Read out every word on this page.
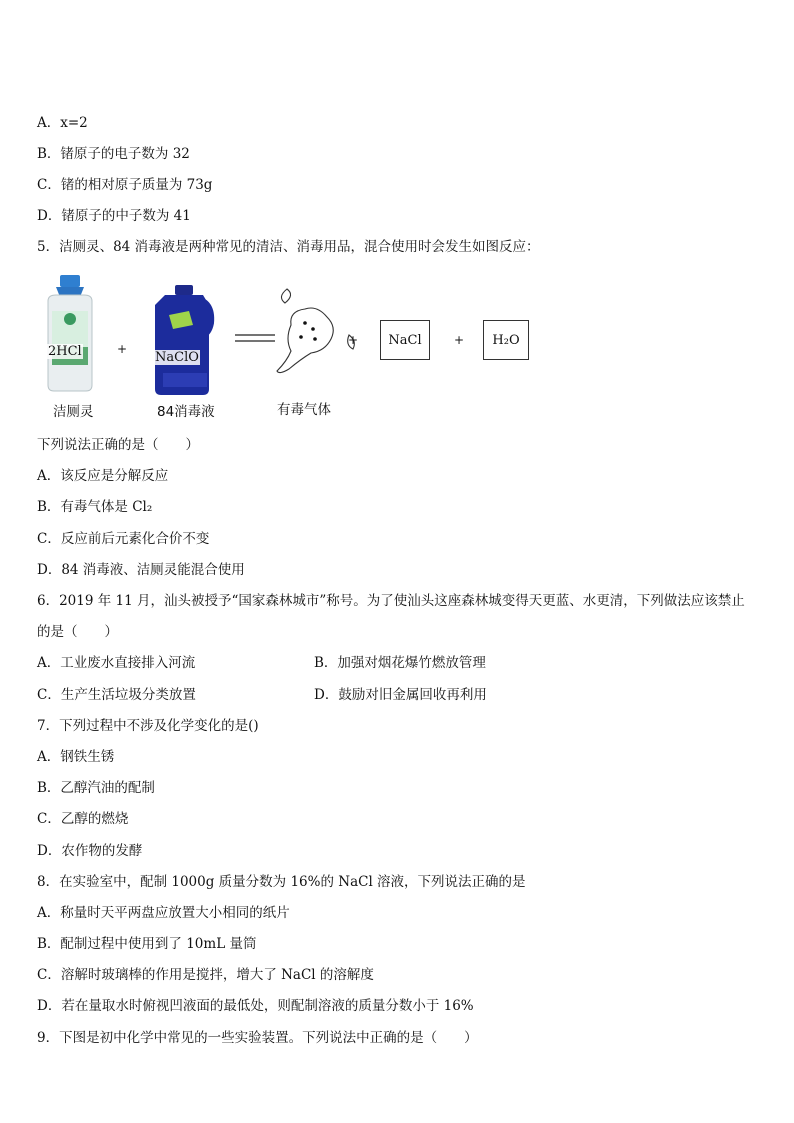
A．x=2
B．锗原子的电子数为 32
C．锗的相对原子质量为 73g
D．锗原子的中子数为 41
5．洁厕灵、84 消毒液是两种常见的清洁、消毒用品，混合使用时会发生如图反应：
2HCl	+
NaClO
+	NaCl	+	H₂O
洁厕灵	84消毒液	有毒气体
下列说法正确的是（　　）
A．该反应是分解反应
B．有毒气体是 Cl₂
C．反应前后元素化合价不变
D．84 消毒液、洁厕灵能混合使用
6．2019 年 11 月，汕头被授予“国家森林城市”称号。为了使汕头这座森林城变得天更蓝、水更清，下列做法应该禁止
的是（　　）
A．工业废水直接排入河流	B．加强对烟花爆竹燃放管理
C．生产生活垃圾分类放置	D．鼓励对旧金属回收再利用
7．下列过程中不涉及化学变化的是()
A．钢铁生锈
B．乙醇汽油的配制
C．乙醇的燃烧
D．农作物的发酵
8．在实验室中，配制 1000g 质量分数为 16%的 NaCl 溶液，下列说法正确的是
A．称量时天平两盘应放置大小相同的纸片
B．配制过程中使用到了 10mL 量筒
C．溶解时玻璃棒的作用是搅拌，增大了 NaCl 的溶解度
D．若在量取水时俯视凹液面的最低处，则配制溶液的质量分数小于 16%
9．下图是初中化学中常见的一些实验装置。下列说法中正确的是（　　）
